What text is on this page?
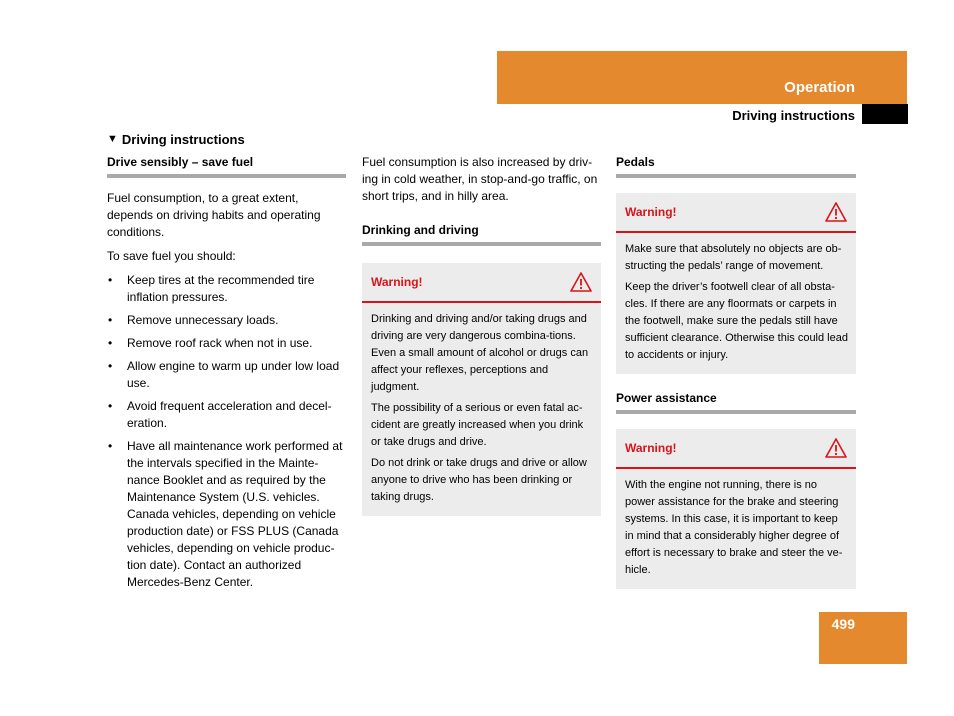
Operation
Driving instructions
▼ Driving instructions
Drive sensibly – save fuel

Fuel consumption, to a great extent, depends on driving habits and operating conditions.

To save fuel you should:

• Keep tires at the recommended tire inflation pressures.
• Remove unnecessary loads.
• Remove roof rack when not in use.
• Allow engine to warm up under low load use.
• Avoid frequent acceleration and decel-eration.
• Have all maintenance work performed at the intervals specified in the Mainte-nance Booklet and as required by the Maintenance System (U.S. vehicles. Canada vehicles, depending on vehicle production date) or FSS PLUS (Canada vehicles, depending on vehicle produc-tion date). Contact an authorized Mercedes-Benz Center.

Fuel consumption is also increased by driv-ing in cold weather, in stop-and-go traffic, on short trips, and in hilly area.

Drinking and driving
Warning!

Drinking and driving and/or taking drugs and driving are very dangerous combina-tions. Even a small amount of alcohol or drugs can affect your reflexes, perceptions and judgment.

The possibility of a serious or even fatal ac-cident are greatly increased when you drink or take drugs and drive.

Do not drink or take drugs and drive or allow anyone to drive who has been drinking or taking drugs.

Pedals
Warning!

Make sure that absolutely no objects are ob-structing the pedals’ range of movement.

Keep the driver’s footwell clear of all obsta-cles. If there are any floormats or carpets in the footwell, make sure the pedals still have sufficient clearance. Otherwise this could lead to accidents or injury.

Power assistance
Warning!

With the engine not running, there is no power assistance for the brake and steering systems. In this case, it is important to keep in mind that a considerably higher degree of effort is necessary to brake and steer the ve-hicle.

499
